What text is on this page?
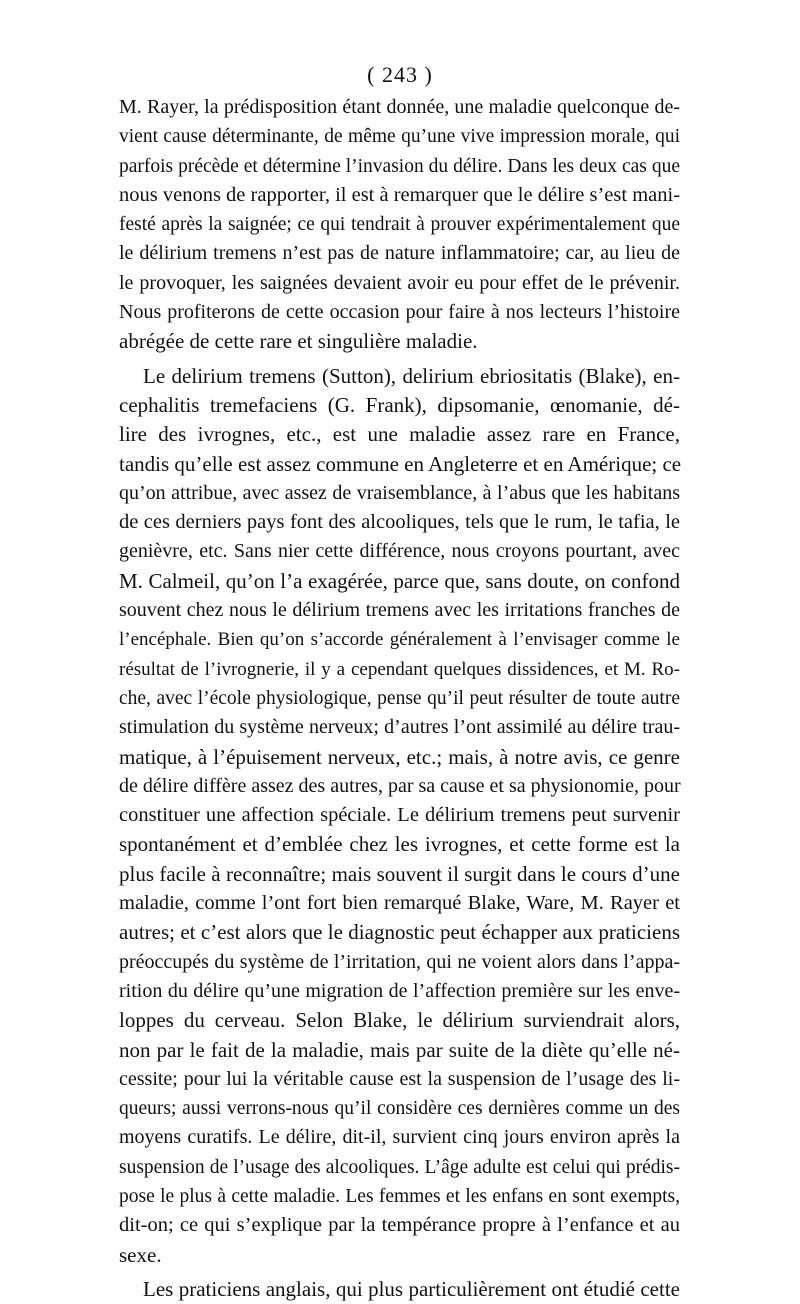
( 243 )
M. Rayer, la prédisposition étant donnée, une maladie quelconque de-
vient cause déterminante, de même qu’une vive impression morale, qui
parfois précède et détermine l’invasion du délire. Dans les deux cas que
nous venons de rapporter, il est à remarquer que le délire s’est mani-
festé après la saignée; ce qui tendrait à prouver expérimentalement que
le délirium tremens n’est pas de nature inflammatoire; car, au lieu de
le provoquer, les saignées devaient avoir eu pour effet de le prévenir.
Nous profiterons de cette occasion pour faire à nos lecteurs l’histoire
abrégée de cette rare et singulière maladie.
Le delirium tremens (Sutton), delirium ebriositatis (Blake), en-
cephalitis tremefaciens (G. Frank), dipsomanie, œnomanie, dé-
lire des ivrognes, etc., est une maladie assez rare en France,
tandis qu’elle est assez commune en Angleterre et en Amérique; ce
qu’on attribue, avec assez de vraisemblance, à l’abus que les habitans
de ces derniers pays font des alcooliques, tels que le rum, le tafia, le
genièvre, etc. Sans nier cette différence, nous croyons pourtant, avec
M. Calmeil, qu’on l’a exagérée, parce que, sans doute, on confond
souvent chez nous le délirium tremens avec les irritations franches de
l’encéphale. Bien qu’on s’accorde généralement à l’envisager comme le
résultat de l’ivrognerie, il y a cependant quelques dissidences, et M. Ro-
che, avec l’école physiologique, pense qu’il peut résulter de toute autre
stimulation du système nerveux; d’autres l’ont assimilé au délire trau-
matique, à l’épuisement nerveux, etc.; mais, à notre avis, ce genre
de délire diffère assez des autres, par sa cause et sa physionomie, pour
constituer une affection spéciale. Le délirium tremens peut survenir
spontanément et d’emblée chez les ivrognes, et cette forme est la
plus facile à reconnaître; mais souvent il surgit dans le cours d’une
maladie, comme l’ont fort bien remarqué Blake, Ware, M. Rayer et
autres; et c’est alors que le diagnostic peut échapper aux praticiens
préoccupés du système de l’irritation, qui ne voient alors dans l’appa-
rition du délire qu’une migration de l’affection première sur les enve-
loppes du cerveau. Selon Blake, le délirium surviendrait alors,
non par le fait de la maladie, mais par suite de la diète qu’elle né-
cessite; pour lui la véritable cause est la suspension de l’usage des li-
queurs; aussi verrons-nous qu’il considère ces dernières comme un des
moyens curatifs. Le délire, dit-il, survient cinq jours environ après la
suspension de l’usage des alcooliques. L’âge adulte est celui qui prédis-
pose le plus à cette maladie. Les femmes et les enfans en sont exempts,
dit-on; ce qui s’explique par la tempérance propre à l’enfance et au
sexe.
Les praticiens anglais, qui plus particulièrement ont étudié cette
